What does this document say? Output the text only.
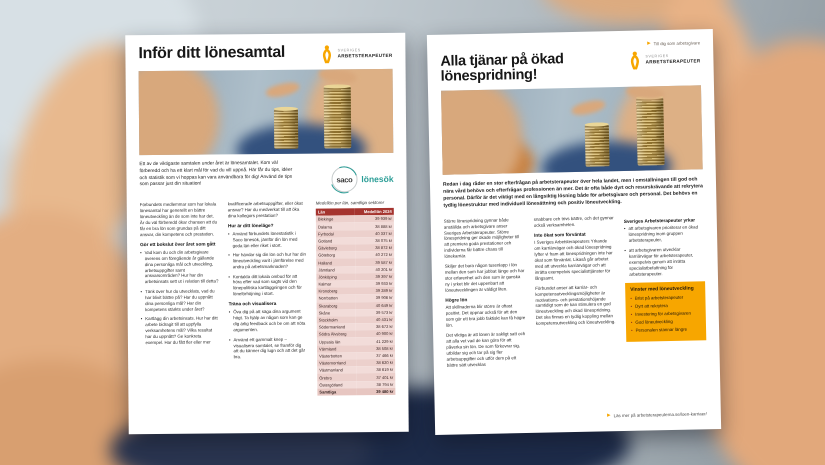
Inför ditt lönesamtal	SVERIGES
ARBETSTERAPEUTER

Ett av de viktigaste samtalen under året är lönesamtalet. Kom väl förberedd och ha ett klart mål för vad du vill uppnå. Här får du tips, idéer och statistik som vi hoppas kan vara användbara för dig! Använd de tips som passar just din situation!

saco lönesök

Förbundets medlemmar som har lokala lönesamtal har generellt en bättre löneutveckling än de som inte har det. Är du väl förberedd ökar chansen att du får en bra lön som grundas på ditt ansvar, din kompetens och prestation.

Gör ett bokslut över året som gått
• Vad kom du och din arbetsgivare överens om föregående år gällande dina personliga mål och utveckling, arbetsuppgifter samt ansvarsområden? Hur har din arbetsinsats sett ut i relation till detta?
• Tänk över hur du utvecklats, vad du har blivit bättre på? Har du uppnått dina personliga mål? Har din kompetens stärkts under året?
• Kartlägg din arbetsinsats. Hur har ditt arbete bidragit till att uppfylla verksamhetens mål? Vilka resultat har du uppnått? Ge konkreta exempel. Har du fått fler eller mer

kvalificerade arbetsuppgifter, eller ökat ansvar? Har du medverkat till att öka dina kollegors prestation?

Hur är ditt löneläge?
• Använd förbundets lönestatistik i Saco lönesök, jämför din lön med goda län eller riket i stort.
• Hur hävdar sig din lön och hur har din löneutveckling varit i jämförelse med andra på arbetsmarknaden?
• Kontakta ditt lokala ombud för att höra efter vad som sagts vid den lönepolitiska kartläggningen och för löneförhöjning i stort.
Träna och visualisera
• Öva dig på att säga dina argument högt. Ta hjälp av någon som kan ge dig ärlig feedback och be om att nöta argumenten.
• Använd ett gammalt knep – visualisera samtalet, se framför dig att du känner dig lugn och att det går bra.
Medellön per län, samtliga sektorer
Län	Medellön 2024
Blekinge	39 939 kr
Dalarna	38 888 kr
Fyrbodal	40 337 kr
Gotland	38 075 kr
Gävleborg	38 872 kr
Göteborg	40 272 kr
Halland	39 587 kr
Jämtland	40 201 kr
Jönköping	39 397 kr
Kalmar	39 933 kr
Kronoberg	39 289 kr
Norrbotten	39 906 kr
Skaraborg	40 649 kr
Skåne	39 573 kr
Stockholm	40 431 kr
Södermanland	38 672 kr
Södra Älvsborg	40 900 kr
Uppsala län	41 229 kr
Värmland	38 508 kr
Västerbotten	37 466 kr
Västernorrland	38 620 kr
Västmanland	38 619 kr
Örebro	37 401 kr
Östergötland	38 794 kr
Samtliga	39 480 kr
▶ Till dig som arbetsgivare
Alla tjänar på ökad
lönespridning!
SVERIGES
ARBETSTERAPEUTER

Redan i dag råder en stor efterfrågan på arbetsterapeuter över hela landet, men i omställningen till god och nära vård behövs och efterfrågas professionen än mer. Det är ofta både dyrt och resurskrävande att rekrytera personal. Därför är det viktigt med en långsiktig lösning både för arbetsgivare och personal. Det behövs en tydlig lönestruktur med individuell lönesättning och positiv löneutveckling.

Större lönespridning gynnar både anställda och arbetsgivare anser Sveriges Arbetsterapeuter. Större lönespridning ger ökade möjligheter till att premiera goda prestationer och individerna får bättre chans till lönekarriär.

Skiljer det bara någon tusenlapp i lön mellan den som har jobbat länge och har stor erfarenhet och den som är ganska ny i yrket blir det uppenbart att löneutvecklingen är väldigt liten.

Högre lön

Att skillnaderna blir större är oftast positivt. Det öppnar också för att den som gör ett bra jobb faktiskt kan få högre lön.

Det viktiga är att lönen är sakligt satt och att alla vet vad de kan göra för att påverka sin lön. De som förkovrar sig, utbildar sig och tar på sig fler arbetsuppgifter och utför dem på ett bättre sätt utvecklas

snabbare och trivs bättre, och det gynnar också verksamheten.

Inte ökat som förväntat

I Sveriges Arbetsterapeuters Yrkande om karriärvägar och ökad lönespridning lyfter vi fram att lönespridningen inte har ökat som förväntat. Likaså går arbetet med att utveckla karriärvägar och att inrätta exempelvis specialisttjänster för långsamt.

Förbundet anser att karriär- och kompetensutvecklingsmöjligheter är motivations- och prestationshöjande samtidigt som de kan stimulera en god löneutveckling och ökad lönespridning. Det ska finnas en tydlig koppling mellan kompetensutveckling och löneutveckling.

Sveriges Arbetsterapeuter yrkar
• att arbetsgivaren prioriterar en ökad lönespridning inom gruppen arbetsterapeuter,
• att arbetsgivaren utvecklar karriärvägar för arbetsterapeuter, exempelvis genom att inrätta specialistbefattning för arbetsterapeuter.
Vinster med löneutveckling
• Brist på arbetsterapeuter
• Dyrt att rekrytera
• Investering för arbetsgivaren
• God löneutveckling
• Personalen stannar längre
▶ Läs mer på arbetsterapeuterna.se/loen-karriaer/
